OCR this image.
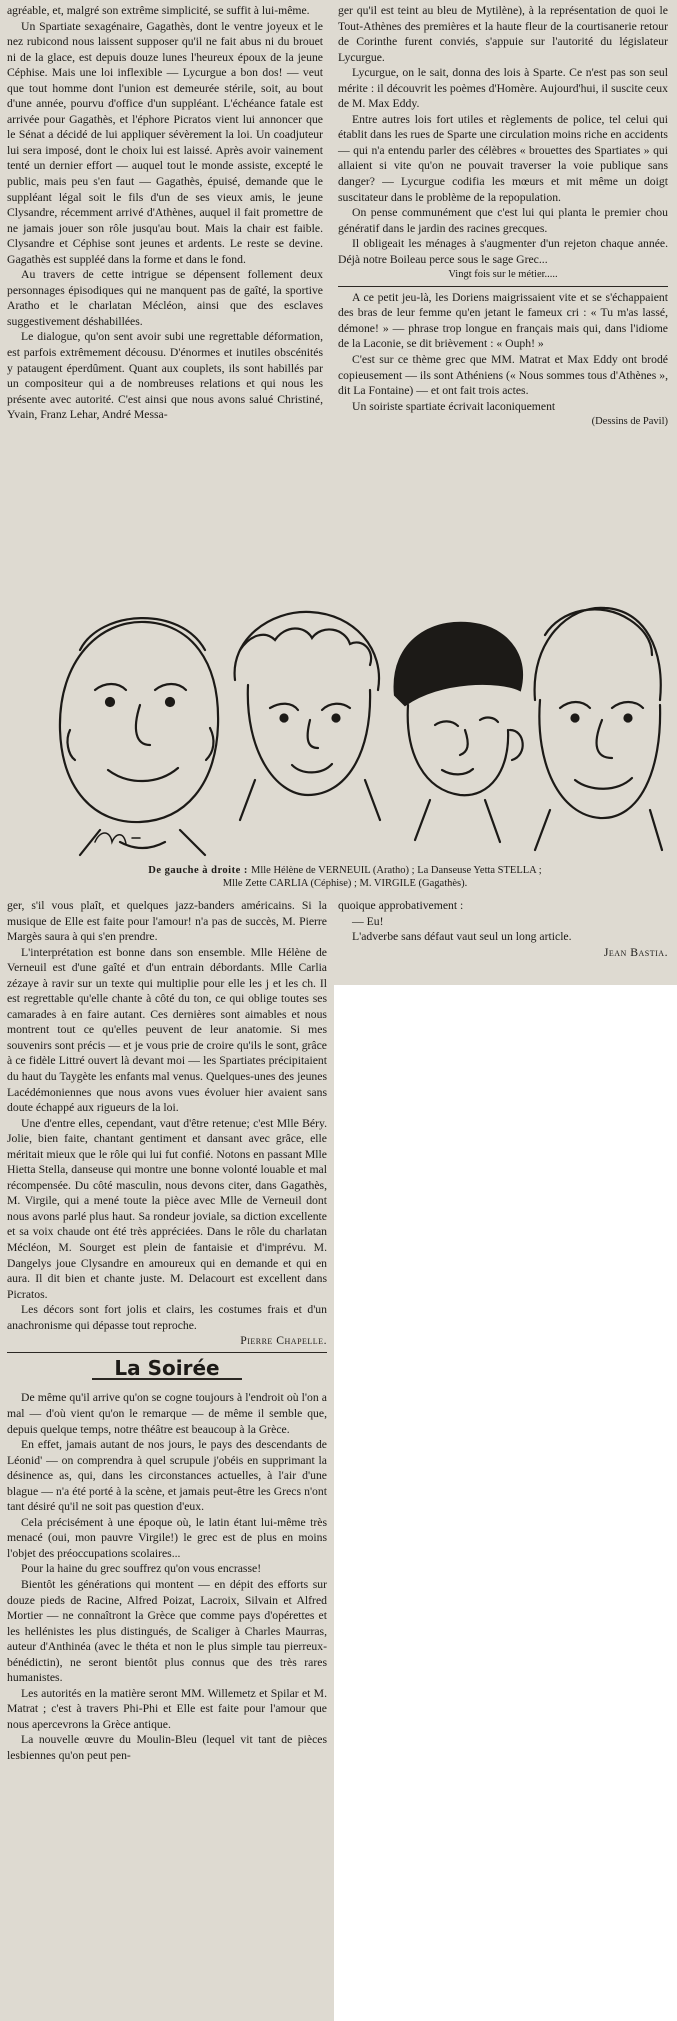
agréable, et, malgré son extrême simplicité, se suffit à lui-même.

Un Spartiate sexagénaire, Gagathès, dont le ventre joyeux et le nez rubicond nous laissent supposer qu'il ne fait abus ni du brouet ni de la glace, est depuis douze lunes l'heureux époux de la jeune Céphise. Mais une loi inflexible — Lycurgue a bon dos! — veut que tout homme dont l'union est demeurée stérile, soit, au bout d'une année, pourvu d'office d'un suppléant. L'échéance fatale est arrivée pour Gagathès, et l'éphore Picratos vient lui annoncer que le Sénat a décidé de lui appliquer sévèrement la loi. Un coadjuteur lui sera imposé, dont le choix lui est laissé. Après avoir vainement tenté un dernier effort — auquel tout le monde assiste, excepté le public, mais peu s'en faut — Gagathès, épuisé, demande que le suppléant légal soit le fils d'un de ses vieux amis, le jeune Clysandre, récemment arrivé d'Athènes, auquel il fait promettre de ne jamais jouer son rôle jusqu'au bout. Mais la chair est faible. Clysandre et Céphise sont jeunes et ardents. Le reste se devine. Gagathès est suppléé dans la forme et dans le fond.

Au travers de cette intrigue se dépensent follement deux personnages épisodiques qui ne manquent pas de gaîté, la sportive Aratho et le charlatan Mécléon, ainsi que des esclaves suggestivement déshabillées.

Le dialogue, qu'on sent avoir subi une regrettable déformation, est parfois extrêmement décousu. D'énormes et inutiles obscénités y pataugent éperdûment. Quant aux couplets, ils sont habillés par un compositeur qui a de nombreuses relations et qui nous les présente avec autorité. C'est ainsi que nous avons salué Christiné, Yvain, Franz Lehar, André Messa-

ger qu'il est teint au bleu de Mytilène), à la représentation de quoi le Tout-Athènes des premières et la haute fleur de la courtisanerie retour de Corinthe furent conviés, s'appuie sur l'autorité du législateur Lycurgue.

Lycurgue, on le sait, donna des lois à Sparte. Ce n'est pas son seul mérite : il découvrit les poèmes d'Homère. Aujourd'hui, il suscite ceux de M. Max Eddy.

Entre autres lois fort utiles et règlements de police, tel celui qui établit dans les rues de Sparte une circulation moins riche en accidents — qui n'a entendu parler des célèbres « brouettes des Spartiates » qui allaient si vite qu'on ne pouvait traverser la voie publique sans danger? — Lycurgue codifia les mœurs et mit même un doigt suscitateur dans le problème de la repopulation.

On pense communément que c'est lui qui planta le premier chou génératif dans le jardin des racines grecques.

Il obligeait les ménages à s'augmenter d'un rejeton chaque année. Déjà notre Boileau perce sous le sage Grec...

Vingt fois sur le métier.....

A ce petit jeu-là, les Doriens maigrissaient vite et se s'échappaient des bras de leur femme qu'en jetant le fameux cri : « Tu m'as lassé, démone! » — phrase trop longue en français mais qui, dans l'idiome de la Laconie, se dit brièvement : « Ouph! »

C'est sur ce thème grec que MM. Matrat et Max Eddy ont brodé copieusement — ils sont Athéniens (« Nous sommes tous d'Athènes », dit La Fontaine) — et ont fait trois actes.

Un soiriste spartiate écrivait laconiquement

(Dessins de Pavil)

De gauche à droite : Mlle Hélène de VERNEUIL (Aratho) ; La Danseuse Yetta STELLA ;
Mlle Zette CARLIA (Céphise) ; M. VIRGILE (Gagathès).

ger, s'il vous plaît, et quelques jazz-banders américains. Si la musique de Elle est faite pour l'amour! n'a pas de succès, M. Pierre Margès saura à qui s'en prendre.

L'interprétation est bonne dans son ensemble. Mlle Hélène de Verneuil est d'une gaîté et d'un entrain débordants. Mlle Carlia zézaye à ravir sur un texte qui multiplie pour elle les j et les ch. Il est regrettable qu'elle chante à côté du ton, ce qui oblige toutes ses camarades à en faire autant. Ces dernières sont aimables et nous montrent tout ce qu'elles peuvent de leur anatomie. Si mes souvenirs sont précis — et je vous prie de croire qu'ils le sont, grâce à ce fidèle Littré ouvert là devant moi — les Spartiates précipitaient du haut du Taygète les enfants mal venus. Quelques-unes des jeunes Lacédémoniennes que nous avons vues évoluer hier avaient sans doute échappé aux rigueurs de la loi.

Une d'entre elles, cependant, vaut d'être retenue; c'est Mlle Béry. Jolie, bien faite, chantant gentiment et dansant avec grâce, elle méritait mieux que le rôle qui lui fut confié. Notons en passant Mlle Hietta Stella, danseuse qui montre une bonne volonté louable et mal récompensée. Du côté masculin, nous devons citer, dans Gagathès, M. Virgile, qui a mené toute la pièce avec Mlle de Verneuil dont nous avons parlé plus haut. Sa rondeur joviale, sa diction excellente et sa voix chaude ont été très appréciées. Dans le rôle du charlatan Mécléon, M. Sourget est plein de fantaisie et d'imprévu. M. Dangelys joue Clysandre en amoureux qui en demande et qui en aura. Il dit bien et chante juste. M. Delacourt est excellent dans Picratos.

Les décors sont fort jolis et clairs, les costumes frais et d'un anachronisme qui dépasse tout reproche.

Pierre Chapelle.

La Soirée

De même qu'il arrive qu'on se cogne toujours à l'endroit où l'on a mal — d'où vient qu'on le remarque — de même il semble que, depuis quelque temps, notre théâtre est beaucoup à la Grèce.

En effet, jamais autant de nos jours, le pays des descendants de Léonid' — on comprendra à quel scrupule j'obéis en supprimant la désinence as, qui, dans les circonstances actuelles, à l'air d'une blague — n'a été porté à la scène, et jamais peut-être les Grecs n'ont tant désiré qu'il ne soit pas question d'eux.

Cela précisément à une époque où, le latin étant lui-même très menacé (oui, mon pauvre Virgile!) le grec est de plus en moins l'objet des préoccupations scolaires...

Pour la haine du grec souffrez qu'on vous encrasse!

Bientôt les générations qui montent — en dépit des efforts sur douze pieds de Racine, Alfred Poizat, Lacroix, Silvain et Alfred Mortier — ne connaîtront la Grèce que comme pays d'opérettes et les hellénistes les plus distingués, de Scaliger à Charles Maurras, auteur d'Anthinéa (avec le théta et non le plus simple tau pierreux-bénédictin), ne seront bientôt plus connus que des très rares humanistes.

Les autorités en la matière seront MM. Willemetz et Spilar et M. Matrat ; c'est à travers Phi-Phi et Elle est faite pour l'amour que nous apercevrons la Grèce antique.

La nouvelle œuvre du Moulin-Bleu (lequel vit tant de pièces lesbiennes qu'on peut pen-

quoique approbativement :

— Eu!

L'adverbe sans défaut vaut seul un long article.

Jean Bastia.
